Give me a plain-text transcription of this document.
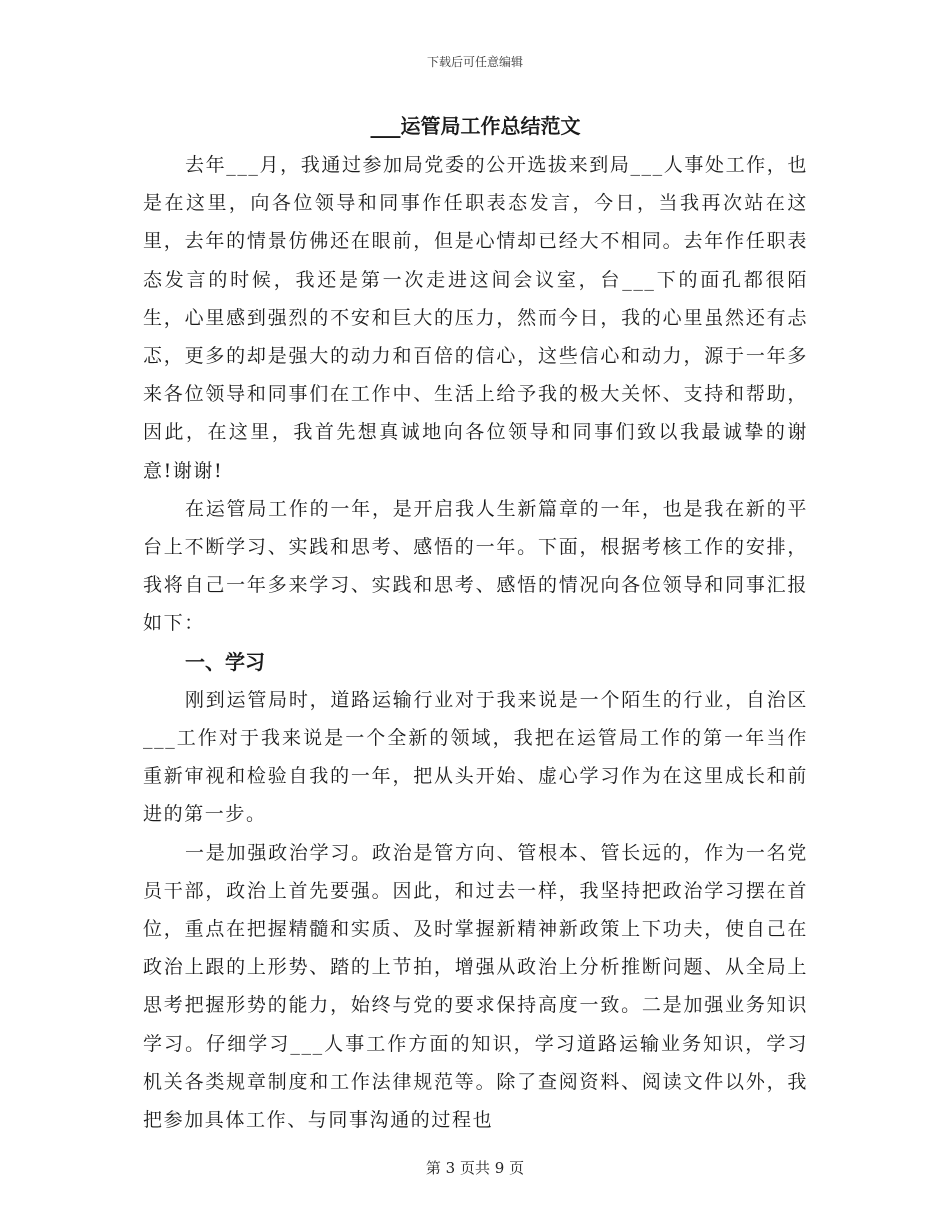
下载后可任意编辑
___运管局工作总结范文

去年___月，我通过参加局党委的公开选拔来到局___人事处工作，也是在这里，向各位领导和同事作任职表态发言，今日，当我再次站在这里，去年的情景仿佛还在眼前，但是心情却已经大不相同。去年作任职表态发言的时候，我还是第一次走进这间会议室，台___下的面孔都很陌生，心里感到强烈的不安和巨大的压力，然而今日，我的心里虽然还有忐忑，更多的却是强大的动力和百倍的信心，这些信心和动力，源于一年多来各位领导和同事们在工作中、生活上给予我的极大关怀、支持和帮助，因此，在这里，我首先想真诚地向各位领导和同事们致以我最诚挚的谢意!谢谢!

在运管局工作的一年，是开启我人生新篇章的一年，也是我在新的平台上不断学习、实践和思考、感悟的一年。下面，根据考核工作的安排，我将自己一年多来学习、实践和思考、感悟的情况向各位领导和同事汇报如下：

一、学习

刚到运管局时，道路运输行业对于我来说是一个陌生的行业，自治区___工作对于我来说是一个全新的领域，我把在运管局工作的第一年当作重新审视和检验自我的一年，把从头开始、虚心学习作为在这里成长和前进的第一步。

一是加强政治学习。政治是管方向、管根本、管长远的，作为一名党员干部，政治上首先要强。因此，和过去一样，我坚持把政治学习摆在首位，重点在把握精髓和实质、及时掌握新精神新政策上下功夫，使自己在政治上跟的上形势、踏的上节拍，增强从政治上分析推断问题、从全局上思考把握形势的能力，始终与党的要求保持高度一致。二是加强业务知识学习。仔细学习___人事工作方面的知识，学习道路运输业务知识，学习机关各类规章制度和工作法律规范等。除了查阅资料、阅读文件以外，我把参加具体工作、与同事沟通的过程也

第 3 页共 9 页
